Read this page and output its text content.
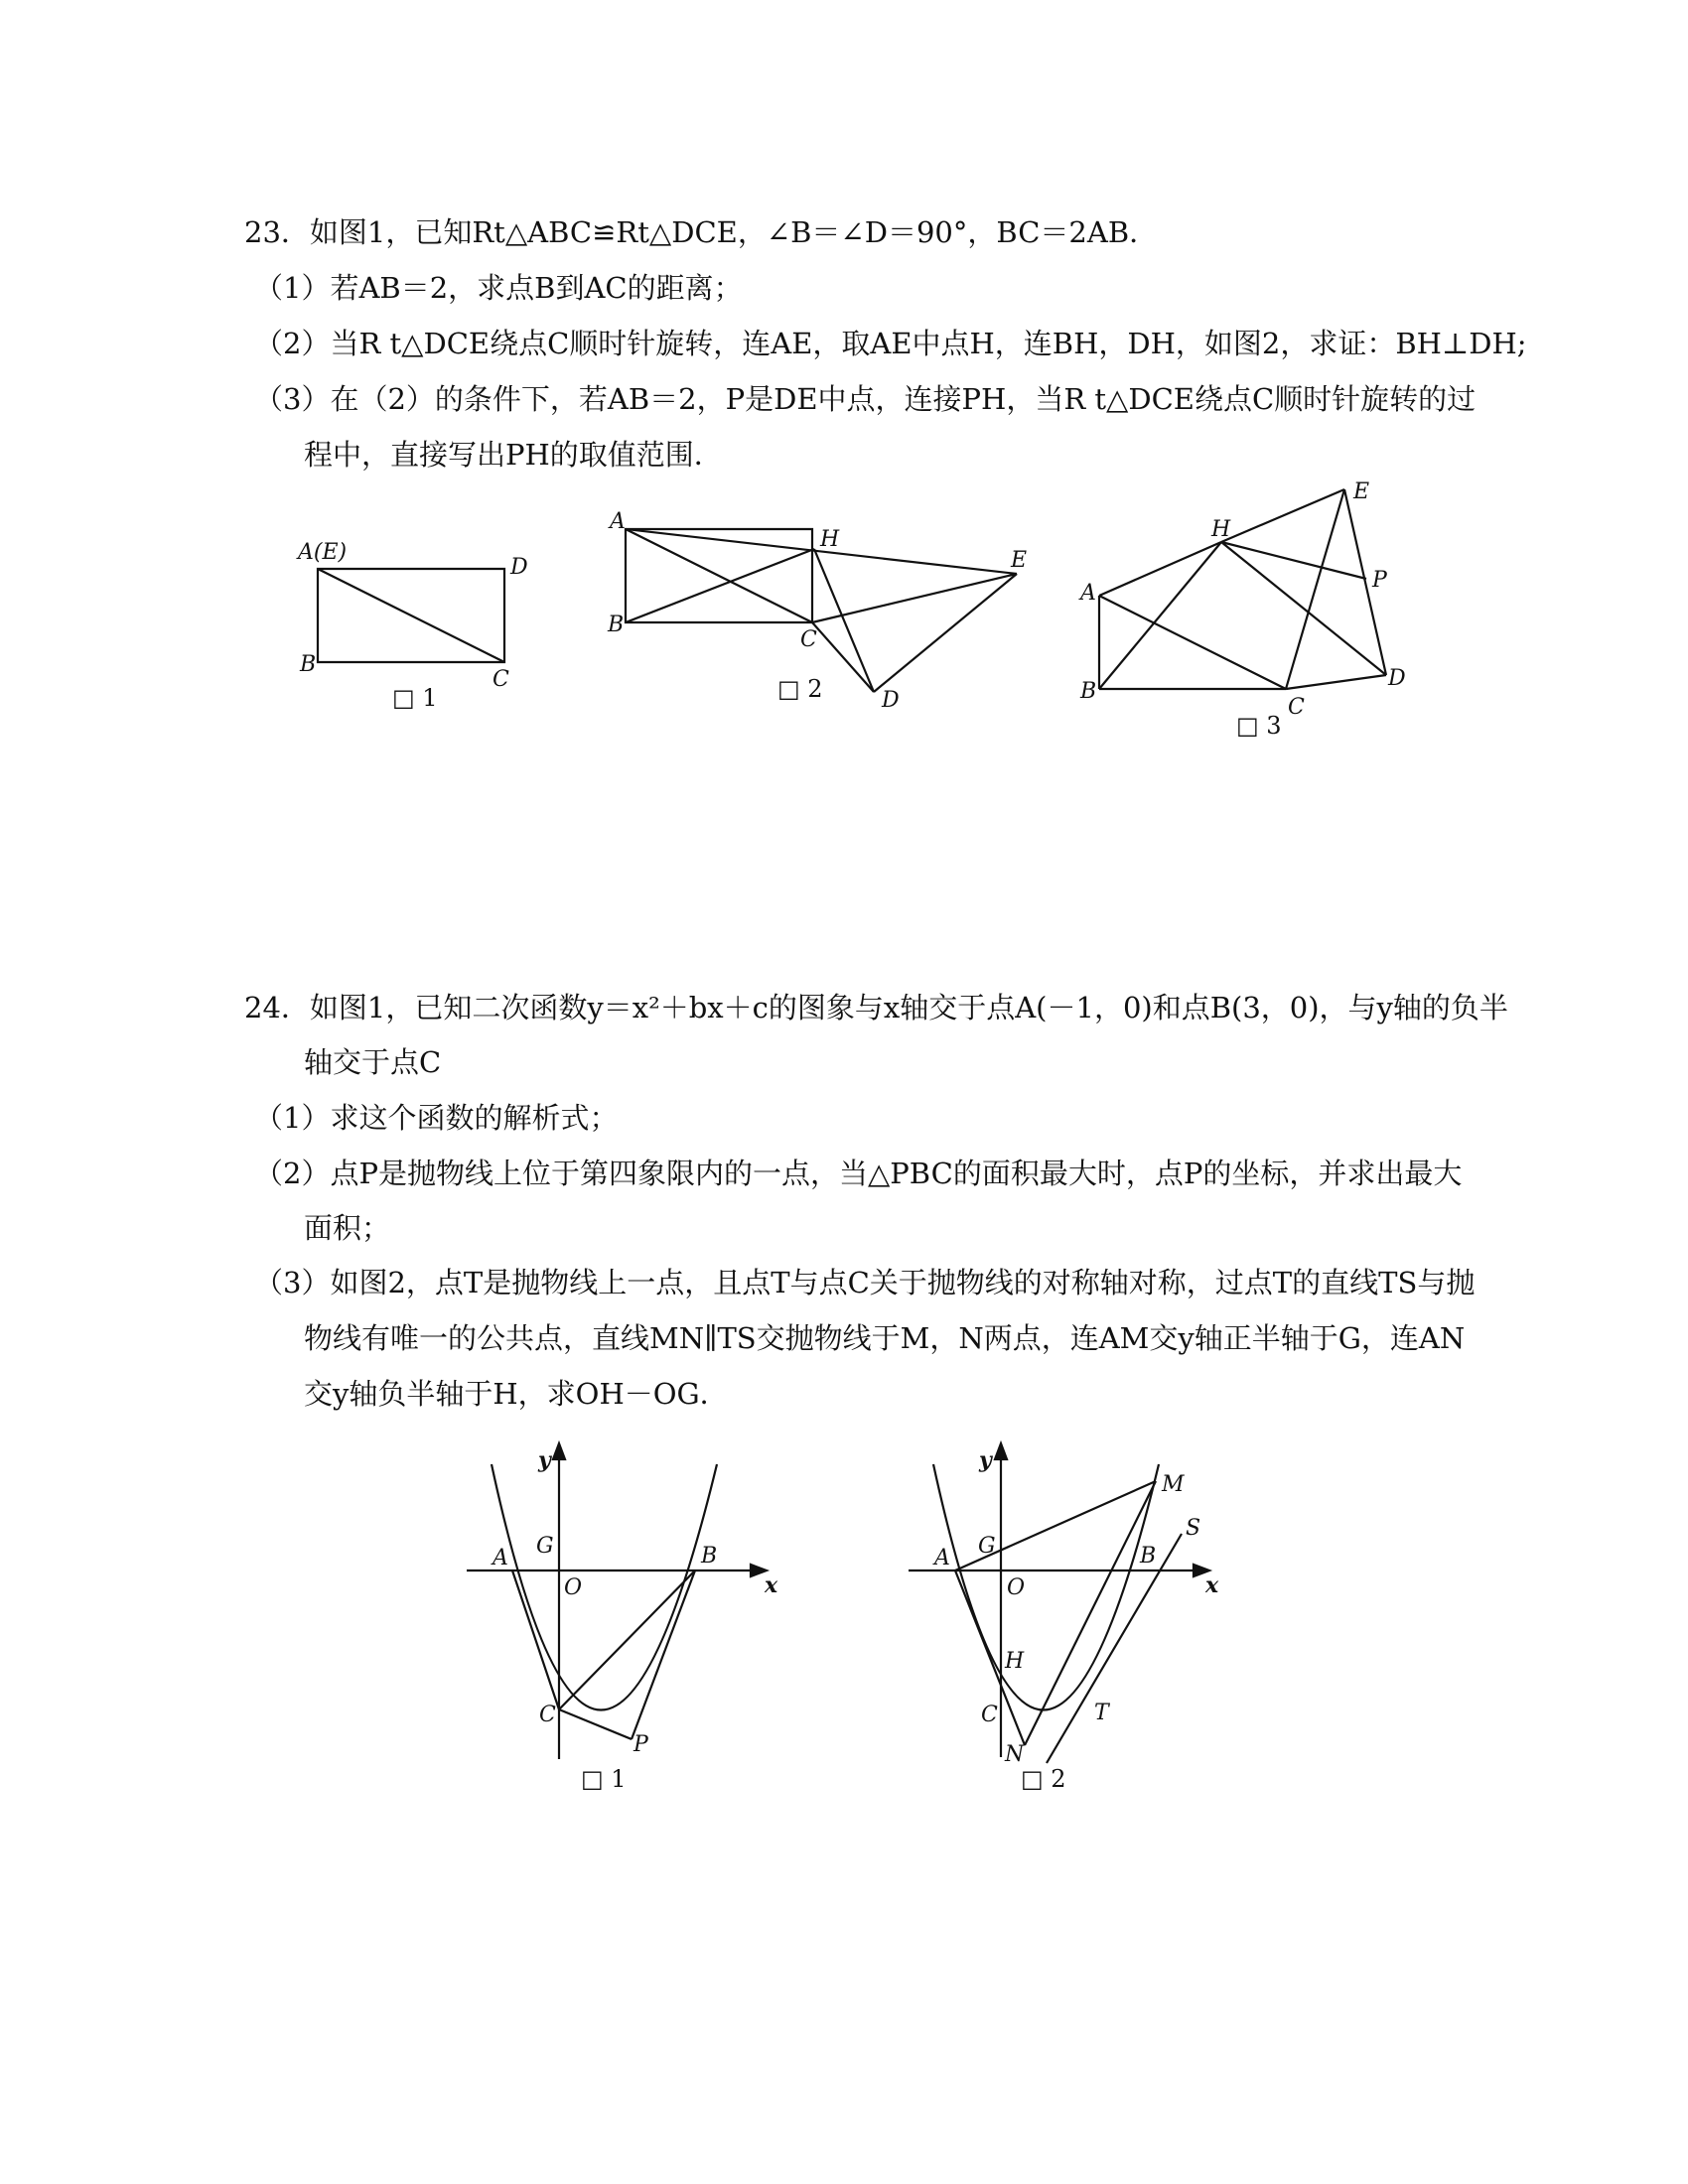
23．如图1，已知Rt△ABC≌Rt△DCE，∠B＝∠D＝90°，BC＝2AB．
（1）若AB＝2，求点B到AC的距离；
（2）当R t△DCE绕点C顺时针旋转，连AE，取AE中点H，连BH，DH，如图2，求证：BH⊥DH;
（3）在（2）的条件下，若AB＝2，P是DE中点，连接PH，当R t△DCE绕点C顺时针旋转的过
程中，直接写出PH的取值范围．
A(E)
D
B
C
□ 1
A
H
E
B
C
D
□ 2
E
H
A
P
B
C
D
□ 3
24．如图1，已知二次函数y＝x²＋bx＋c的图象与x轴交于点A(－1，0)和点B(3，0)，与y轴的负半
轴交于点C
（1）求这个函数的解析式；
（2）点P是抛物线上位于第四象限内的一点，当△PBC的面积最大时，点P的坐标，并求出最大
面积；
（3）如图2，点T是抛物线上一点，且点T与点C关于抛物线的对称轴对称，过点T的直线TS与抛
物线有唯一的公共点，直线MN∥TS交抛物线于M，N两点，连AM交y轴正半轴于G，连AN
交y轴负半轴于H，求OH－OG．
y
x
A G	B
O
C
P
□ 1
y
x
M
S
A G	B
O
H
C	T
N
□ 2
